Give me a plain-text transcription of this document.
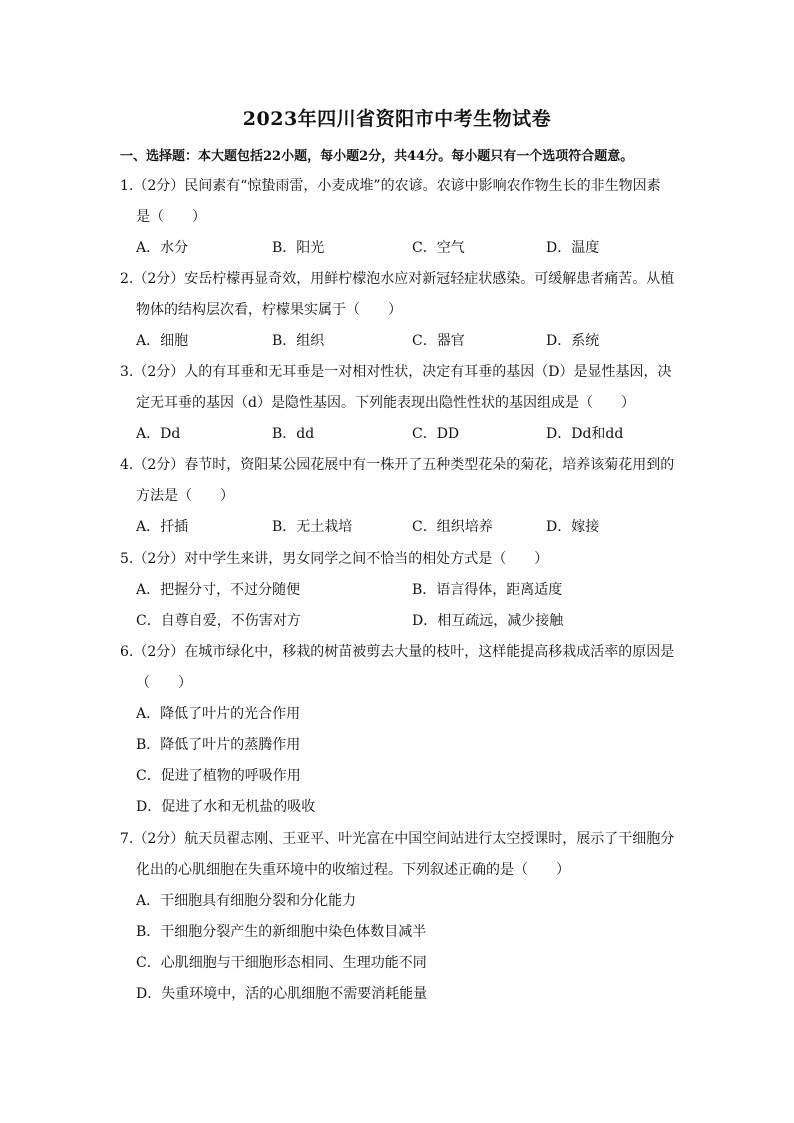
2023年四川省资阳市中考生物试卷
一、选择题：本大题包括22小题，每小题2分，共44分。每小题只有一个选项符合题意。
1.（2分）民间素有“惊蛰雨雷，小麦成堆”的农谚。农谚中影响农作物生长的非生物因素
是（　　）
A．水分	B．阳光	C．空气	D．温度
2.（2分）安岳柠檬再显奇效，用鲜柠檬泡水应对新冠轻症状感染。可缓解患者痛苦。从植
物体的结构层次看，柠檬果实属于（　　）
A．细胞	B．组织	C．器官	D．系统
3.（2分）人的有耳垂和无耳垂是一对相对性状，决定有耳垂的基因（D）是显性基因，决
定无耳垂的基因（d）是隐性基因。下列能表现出隐性性状的基因组成是（　　）
A．Dd	B．dd	C．DD	D．Dd和dd
4.（2分）春节时，资阳某公园花展中有一株开了五种类型花朵的菊花，培养该菊花用到的
方法是（　　）
A．扦插	B．无土栽培	C．组织培养	D．嫁接
5.（2分）对中学生来讲，男女同学之间不恰当的相处方式是（　　）
A．把握分寸，不过分随便	B．语言得体，距离适度
C．自尊自爱，不伤害对方	D．相互疏远，减少接触
6.（2分）在城市绿化中，移栽的树苗被剪去大量的枝叶，这样能提高移栽成活率的原因是
（　　）
A．降低了叶片的光合作用
B．降低了叶片的蒸腾作用
C．促进了植物的呼吸作用
D．促进了水和无机盐的吸收
7.（2分）航天员翟志刚、王亚平、叶光富在中国空间站进行太空授课时，展示了干细胞分
化出的心肌细胞在失重环境中的收缩过程。下列叙述正确的是（　　）
A．干细胞具有细胞分裂和分化能力
B．干细胞分裂产生的新细胞中染色体数目减半
C．心肌细胞与干细胞形态相同、生理功能不同
D．失重环境中，活的心肌细胞不需要消耗能量
